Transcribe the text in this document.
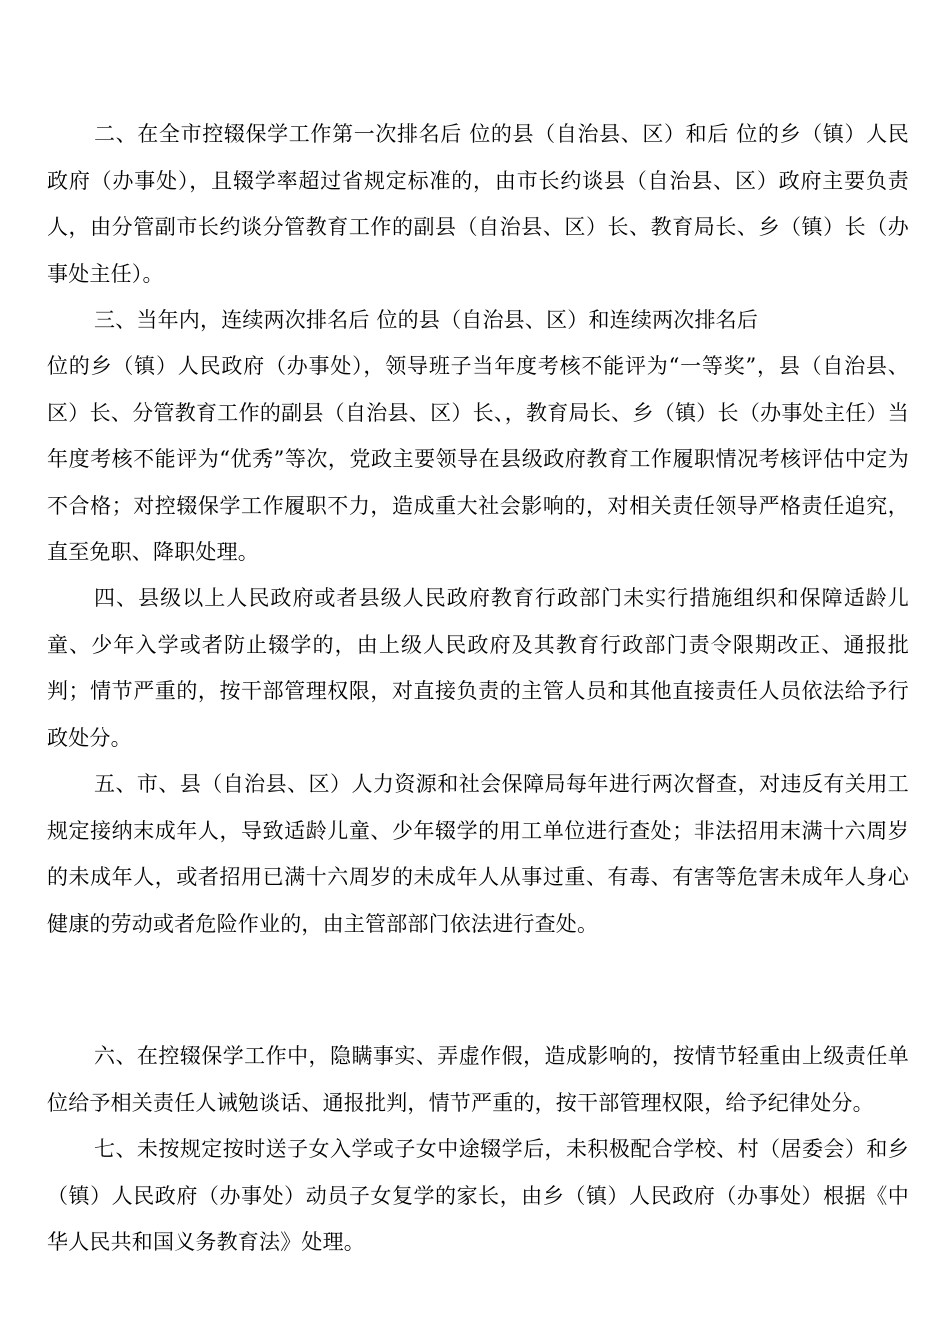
二、在全市控辍保学工作第一次排名后 位的县（自治县、区）和后 位的乡（镇）人民政府（办事处），且辍学率超过省规定标准的，由市长约谈县（自治县、区）政府主要负责人，由分管副市长约谈分管教育工作的副县（自治县、区）长、教育局长、乡（镇）长（办事处主任）。

三、当年内，连续两次排名后 位的县（自治县、区）和连续两次排名后

位的乡（镇）人民政府（办事处），领导班子当年度考核不能评为“一等奖”，县（自治县、区）长、分管教育工作的副县（自治县、区）长、，教育局长、乡（镇）长（办事处主任）当年度考核不能评为“优秀”等次，党政主要领导在县级政府教育工作履职情况考核评估中定为不合格；对控辍保学工作履职不力，造成重大社会影响的，对相关责任领导严格责任追究，直至免职、降职处理。

四、县级以上人民政府或者县级人民政府教育行政部门未实行措施组织和保障适龄儿童、少年入学或者防止辍学的，由上级人民政府及其教育行政部门责令限期改正、通报批判；情节严重的，按干部管理权限，对直接负责的主管人员和其他直接责任人员依法给予行政处分。

五、市、县（自治县、区）人力资源和社会保障局每年进行两次督查，对违反有关用工规定接纳末成年人，导致适龄儿童、少年辍学的用工单位进行查处；非法招用末满十六周岁的未成年人，或者招用已满十六周岁的未成年人从事过重、有毒、有害等危害未成年人身心健康的劳动或者危险作业的，由主管部部门依法进行查处。

六、在控辍保学工作中，隐瞒事实、弄虚作假，造成影响的，按情节轻重由上级责任单位给予相关责任人诫勉谈话、通报批判，情节严重的，按干部管理权限，给予纪律处分。

七、未按规定按时送子女入学或子女中途辍学后，未积极配合学校、村（居委会）和乡（镇）人民政府（办事处）动员子女复学的家长，由乡（镇）人民政府（办事处）根据《中华人民共和国义务教育法》处理。
